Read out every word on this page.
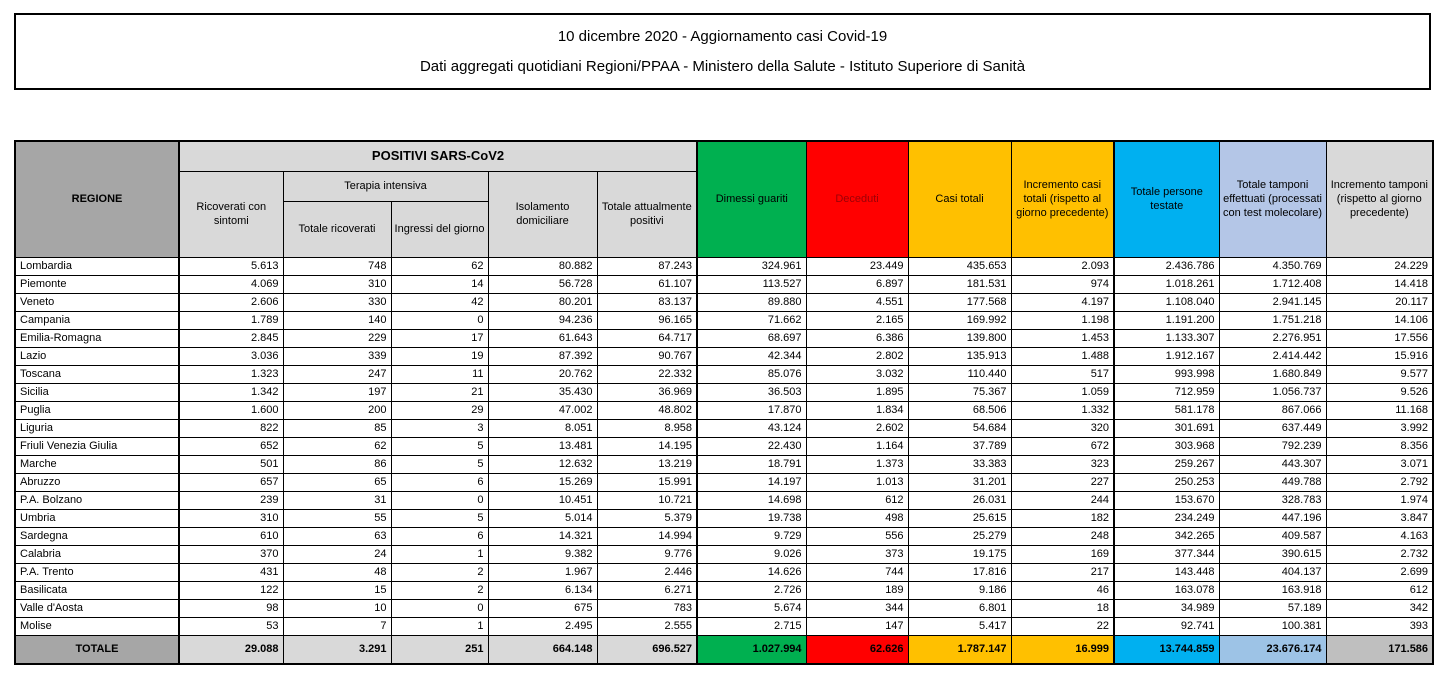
10 dicembre 2020 - Aggiornamento casi Covid-19
Dati aggregati quotidiani Regioni/PPAA - Ministero della Salute - Istituto Superiore di Sanità
REGIONE	POSITIVI SARS-CoV2					Dimessi guariti	Deceduti	Casi totali	Incremento casi totali (rispetto al giorno precedente)	Totale persone testate	Totale tamponi effettuati (processati con test molecolare)	Incremento tamponi (rispetto al giorno precedente)
	Ricoverati con sintomi	Terapia intensiva		Isolamento domiciliare	Totale attualmente positivi							
		Totale ricoverati	Ingressi del giorno									
Lombardia	5.613	748	62	80.882	87.243	324.961	23.449	435.653	2.093	2.436.786	4.350.769	24.229
Piemonte	4.069	310	14	56.728	61.107	113.527	6.897	181.531	974	1.018.261	1.712.408	14.418
Veneto	2.606	330	42	80.201	83.137	89.880	4.551	177.568	4.197	1.108.040	2.941.145	20.117
Campania	1.789	140	0	94.236	96.165	71.662	2.165	169.992	1.198	1.191.200	1.751.218	14.106
Emilia-Romagna	2.845	229	17	61.643	64.717	68.697	6.386	139.800	1.453	1.133.307	2.276.951	17.556
Lazio	3.036	339	19	87.392	90.767	42.344	2.802	135.913	1.488	1.912.167	2.414.442	15.916
Toscana	1.323	247	11	20.762	22.332	85.076	3.032	110.440	517	993.998	1.680.849	9.577
Sicilia	1.342	197	21	35.430	36.969	36.503	1.895	75.367	1.059	712.959	1.056.737	9.526
Puglia	1.600	200	29	47.002	48.802	17.870	1.834	68.506	1.332	581.178	867.066	11.168
Liguria	822	85	3	8.051	8.958	43.124	2.602	54.684	320	301.691	637.449	3.992
Friuli Venezia Giulia	652	62	5	13.481	14.195	22.430	1.164	37.789	672	303.968	792.239	8.356
Marche	501	86	5	12.632	13.219	18.791	1.373	33.383	323	259.267	443.307	3.071
Abruzzo	657	65	6	15.269	15.991	14.197	1.013	31.201	227	250.253	449.788	2.792
P.A. Bolzano	239	31	0	10.451	10.721	14.698	612	26.031	244	153.670	328.783	1.974
Umbria	310	55	5	5.014	5.379	19.738	498	25.615	182	234.249	447.196	3.847
Sardegna	610	63	6	14.321	14.994	9.729	556	25.279	248	342.265	409.587	4.163
Calabria	370	24	1	9.382	9.776	9.026	373	19.175	169	377.344	390.615	2.732
P.A. Trento	431	48	2	1.967	2.446	14.626	744	17.816	217	143.448	404.137	2.699
Basilicata	122	15	2	6.134	6.271	2.726	189	9.186	46	163.078	163.918	612
Valle d'Aosta	98	10	0	675	783	5.674	344	6.801	18	34.989	57.189	342
Molise	53	7	1	2.495	2.555	2.715	147	5.417	22	92.741	100.381	393
TOTALE	29.088	3.291	251	664.148	696.527	1.027.994	62.626	1.787.147	16.999	13.744.859	23.676.174	171.586
